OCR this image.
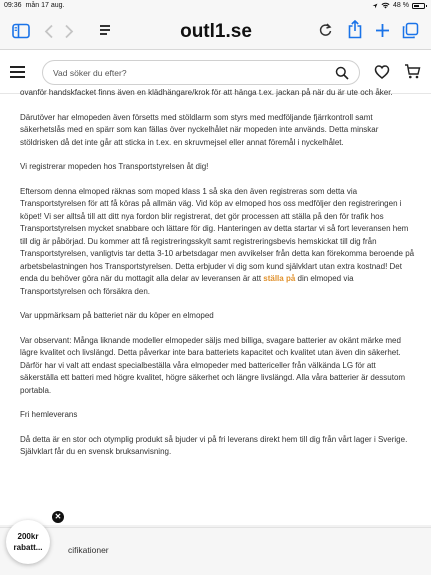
09:36 mån 17 aug.	48 %
outl1.se
Vad söker du efter?

ovanför handskfacket finns även en klädhängare/krok för att hänga t.ex. jackan på när du är ute och åker.

Därutöver har elmopeden även försetts med stöldlarm som styrs med medföljande fjärrkontroll samt säkerhetslås med en spärr som kan fällas över nyckelhålet när mopeden inte används. Detta minskar stöldrisken då det inte går att sticka in t.ex. en skruvmejsel eller annat föremål i nyckelhålet.

Vi registrerar mopeden hos Transportstyrelsen åt dig!

Eftersom denna elmoped räknas som moped klass 1 så ska den även registreras som detta via Transportstyrelsen för att få köras på allmän väg. Vid köp av elmoped hos oss medföljer den registreringen i köpet! Vi ser alltså till att ditt nya fordon blir registrerat, det gör processen att ställa på den för trafik hos Transportstyrelsen mycket snabbare och lättare för dig. Hanteringen av detta startar vi så fort leveransen hem till dig är påbörjad. Du kommer att få registreringsskylt samt registreringsbevis hemskickat till dig från Transportstyrelsen, vanligtvis tar detta 3-10 arbetsdagar men avvikelser från detta kan förekomma beroende på arbetsbelastningen hos Transportstyrelsen. Detta erbjuder vi dig som kund självklart utan extra kostnad! Det enda du behöver göra när du mottagit alla delar av leveransen är att ställa på din elmoped via Transportstyrelsen och försäkra den.

Var uppmärksam på batteriet när du köper en elmoped

Var observant: Många liknande modeller elmopeder säljs med billiga, svagare batterier av okänt märke med lägre kvalitet och livslängd. Detta påverkar inte bara batteriets kapacitet och kvalitet utan även din säkerhet. Därför har vi valt att endast specialbeställa våra elmopeder med battericeller från välkända LG för att säkerställa ett batteri med högre kvalitet, högre säkerhet och längre livslängd. Alla våra batterier är dessutom portabla.

Fri hemleverans

Då detta är en stor och otymplig produkt så bjuder vi på fri leverans direkt hem till dig från vårt lager i Sverige. Självklart får du en svensk bruksanvisning.

cifikationer
200kr
rabatt...
✕
